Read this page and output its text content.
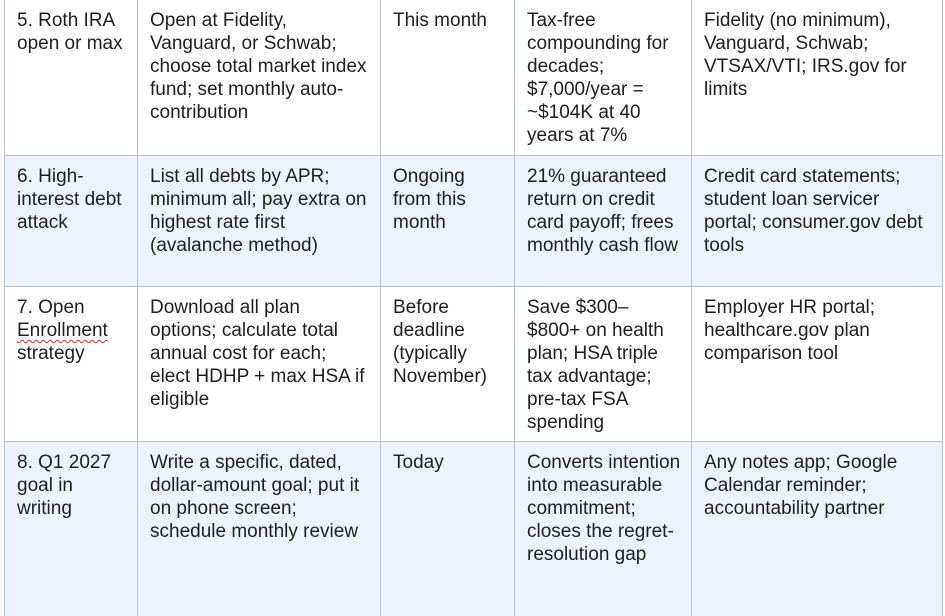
5. Roth IRA open or max	Open at Fidelity, Vanguard, or Schwab; choose total market index fund; set monthly auto-contribution	This month	Tax-free compounding for decades; $7,000/year = ~$104K at 40 years at 7%	Fidelity (no minimum), Vanguard, Schwab; VTSAX/VTI; IRS.gov for limits
6. High-interest debt attack	List all debts by APR; minimum all; pay extra on highest rate first (avalanche method)	Ongoing from this month	21% guaranteed return on credit card payoff; frees monthly cash flow	Credit card statements; student loan servicer portal; consumer.gov debt tools
7. Open Enrollment strategy	Download all plan options; calculate total annual cost for each; elect HDHP + max HSA if eligible	Before deadline (typically November)	Save $300–$800+ on health plan; HSA triple tax advantage; pre-tax FSA spending	Employer HR portal; healthcare.gov plan comparison tool
8. Q1 2027 goal in writing	Write a specific, dated, dollar-amount goal; put it on phone screen; schedule monthly review	Today	Converts intention into measurable commitment; closes the regret-resolution gap	Any notes app; Google Calendar reminder; accountability partner
